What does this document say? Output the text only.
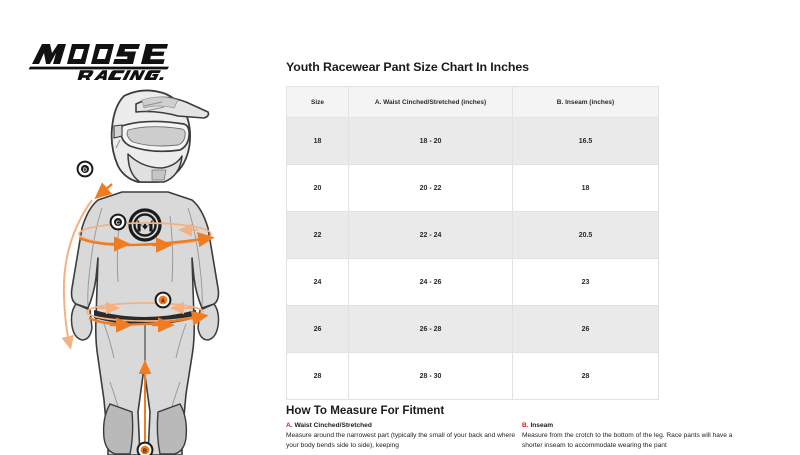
D
C
A
B
Youth Racewear Pant Size Chart In Inches
Size	A. Waist Cinched/Stretched (inches)	B. Inseam (inches)
18	18 - 20	16.5
20	20 - 22	18
22	22 - 24	20.5
24	24 - 26	23
26	26 - 28	26
28	28 - 30	28
How To Measure For Fitment
A. Waist Cinched/Stretched
Measure around the narrowest part (typically the small of your back and where your body bends side to side), keeping
B. Inseam
Measure from the crotch to the bottom of the leg. Race pants will have a shorter inseam to accommodate wearing the pant
